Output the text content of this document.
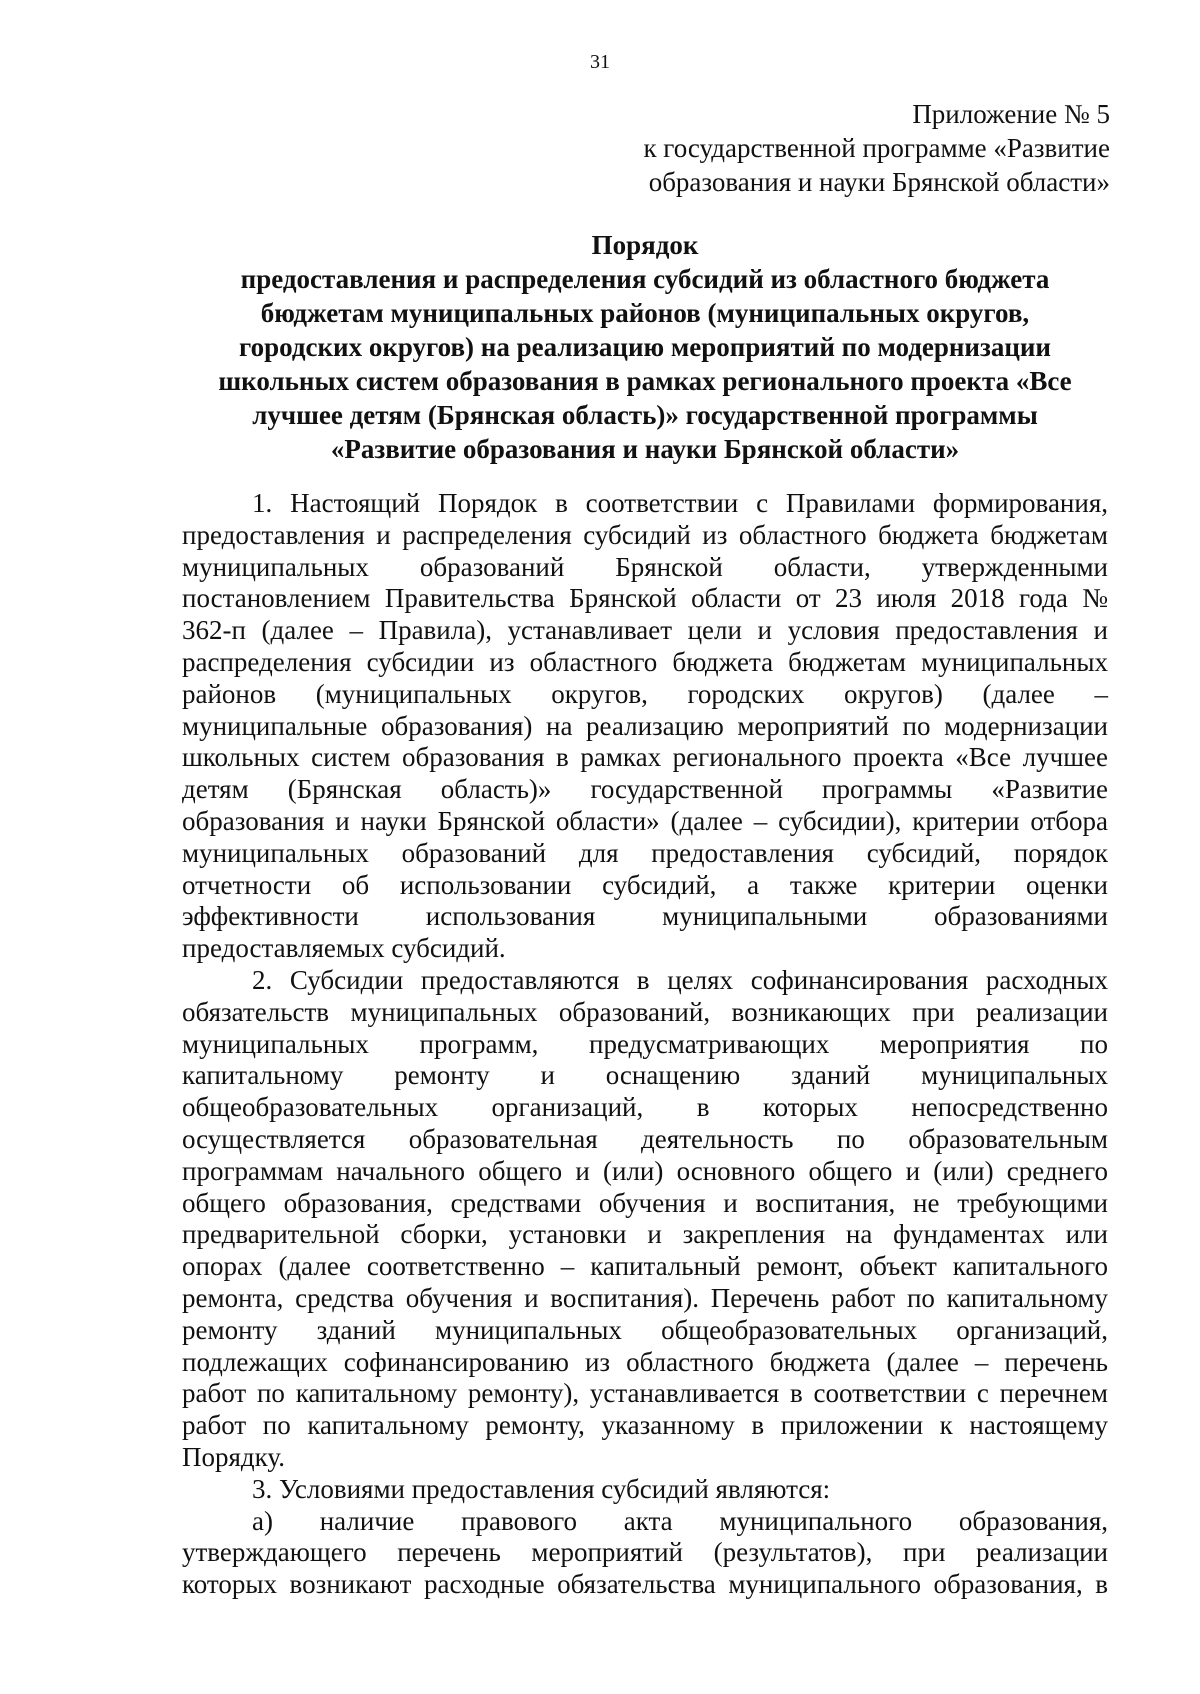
31
Приложение № 5
к государственной программе «Развитие
образования и науки Брянской области»
Порядок
предоставления и распределения субсидий из областного бюджета
бюджетам муниципальных районов (муниципальных округов,
городских округов) на реализацию мероприятий по модернизации
школьных систем образования в рамках регионального проекта «Все
лучшее детям (Брянская область)» государственной программы
«Развитие образования и науки Брянской области»
1. Настоящий Порядок в соответствии с Правилами формирования,
предоставления и распределения субсидий из областного бюджета бюджетам
муниципальных образований Брянской области, утвержденными
постановлением Правительства Брянской области от 23 июля 2018 года №
362-п (далее – Правила), устанавливает цели и условия предоставления и
распределения субсидии из областного бюджета бюджетам муниципальных
районов (муниципальных округов, городских округов) (далее –
муниципальные образования) на реализацию мероприятий по модернизации
школьных систем образования в рамках регионального проекта «Все лучшее
детям (Брянская область)» государственной программы «Развитие
образования и науки Брянской области» (далее – субсидии), критерии отбора
муниципальных образований для предоставления субсидий, порядок
отчетности об использовании субсидий, а также критерии оценки
эффективности использования муниципальными образованиями
предоставляемых субсидий.
2. Субсидии предоставляются в целях софинансирования расходных
обязательств муниципальных образований, возникающих при реализации
муниципальных программ, предусматривающих мероприятия по
капитальному ремонту и оснащению зданий муниципальных
общеобразовательных организаций, в которых непосредственно
осуществляется образовательная деятельность по образовательным
программам начального общего и (или) основного общего и (или) среднего
общего образования, средствами обучения и воспитания, не требующими
предварительной сборки, установки и закрепления на фундаментах или
опорах (далее соответственно – капитальный ремонт, объект капитального
ремонта, средства обучения и воспитания). Перечень работ по капитальному
ремонту зданий муниципальных общеобразовательных организаций,
подлежащих софинансированию из областного бюджета (далее – перечень
работ по капитальному ремонту), устанавливается в соответствии с перечнем
работ по капитальному ремонту, указанному в приложении к настоящему
Порядку.
3. Условиями предоставления субсидий являются:
а) наличие правового акта муниципального образования,
утверждающего перечень мероприятий (результатов), при реализации
которых возникают расходные обязательства муниципального образования, в
